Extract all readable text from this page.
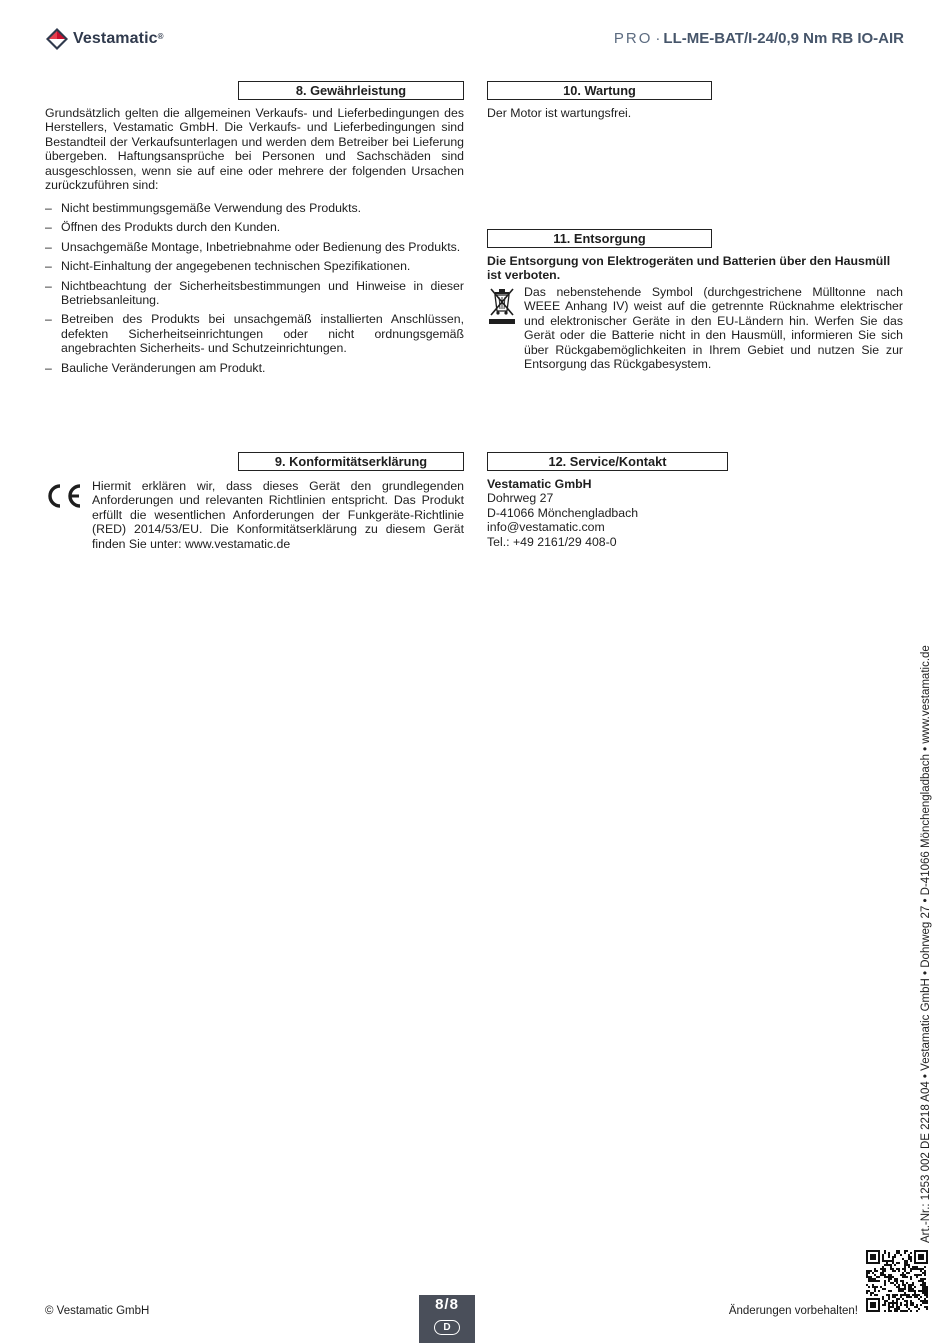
Vestamatic®	PRO · LL-ME-BAT/I-24/0,9 Nm RB IO-AIR
8. Gewährleistung
Grundsätzlich gelten die allgemeinen Verkaufs- und Lieferbedingungen des Herstellers, Vestamatic GmbH. Die Verkaufs- und Lieferbedingungen sind Bestandteil der Verkaufsunterlagen und werden dem Betreiber bei Lieferung übergeben. Haftungsansprüche bei Personen und Sachschäden sind ausgeschlossen, wenn sie auf eine oder mehrere der folgenden Ursachen zurückzuführen sind:
– Nicht bestimmungsgemäße Verwendung des Produkts.
– Öffnen des Produkts durch den Kunden.
– Unsachgemäße Montage, Inbetriebnahme oder Bedienung des Produkts.
– Nicht-Einhaltung der angegebenen technischen Spezifikationen.
– Nichtbeachtung der Sicherheitsbestimmungen und Hinweise in dieser Betriebsanleitung.
– Betreiben des Produkts bei unsachgemäß installierten Anschlüssen, defekten Sicherheitseinrichtungen oder nicht ordnungsgemäß angebrachten Sicherheits- und Schutzeinrichtungen.
– Bauliche Veränderungen am Produkt.
9. Konformitätserklärung
Hiermit erklären wir, dass dieses Gerät den grundlegenden Anforderungen und relevanten Richtlinien entspricht. Das Produkt erfüllt die wesentlichen Anforderungen der Funkgeräte-Richtlinie (RED) 2014/53/EU. Die Konformitätserklärung zu diesem Gerät finden Sie unter: www.vestamatic.de
10. Wartung
Der Motor ist wartungsfrei.
11. Entsorgung
Die Entsorgung von Elektrogeräten und Batterien über den Hausmüll ist verboten.
Das nebenstehende Symbol (durchgestrichene Mülltonne nach WEEE Anhang IV) weist auf die getrennte Rücknahme elektrischer und elektronischer Geräte in den EU-Ländern hin. Werfen Sie das Gerät oder die Batterie nicht in den Hausmüll, informieren Sie sich über Rückgabemöglichkeiten in Ihrem Gebiet und nutzen Sie zur Entsorgung das Rückgabesystem.
12. Service/Kontakt

Vestamatic GmbH

Dohrweg 27

D-41066 Mönchengladbach

info@vestamatic.com

Tel.: +49 2161/29 408-0

Art.-Nr.: 1253 002 DE 2218 A04 • Vestamatic GmbH • Dohrweg 27 • D-41066 Mönchengladbach • www.vestamatic.de
© Vestamatic GmbH	8/8
D
Änderungen vorbehalten!
